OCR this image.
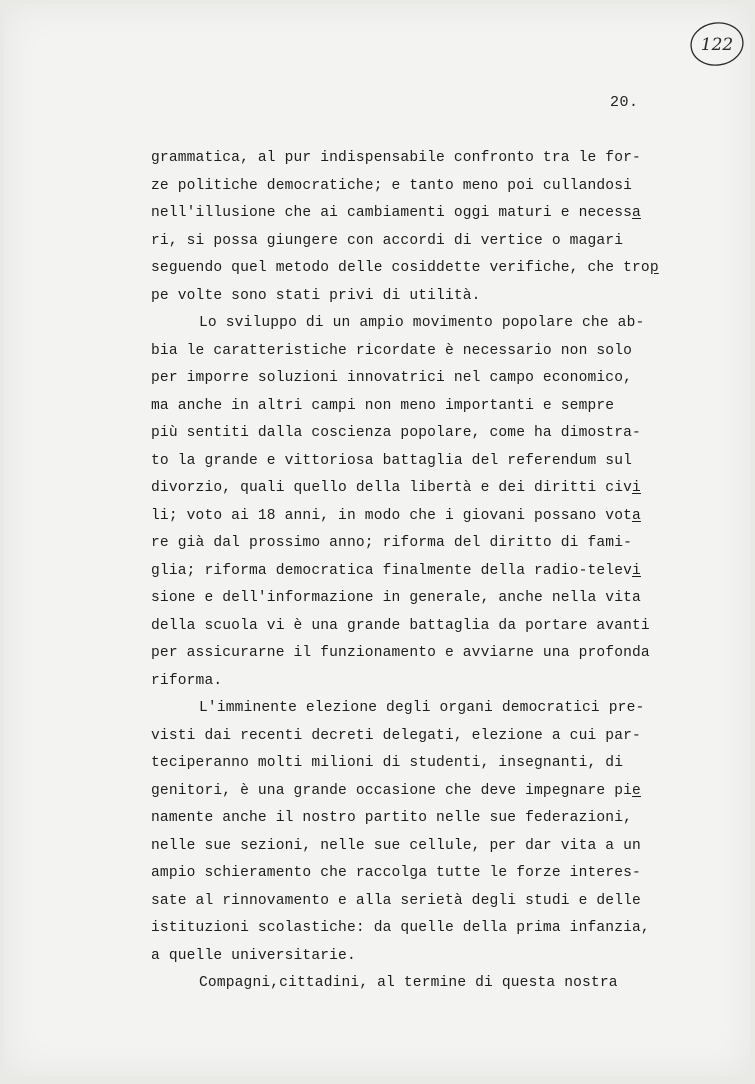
122
20.
grammatica, al pur indispensabile confronto tra le for-
ze politiche democratiche; e tanto meno poi cullandosi
nell'illusione che ai cambiamenti oggi maturi e necessa
ri, si possa giungere con accordi di vertice o magari
seguendo quel metodo delle cosiddette verifiche, che trop
pe volte sono stati privi di utilità.
Lo sviluppo di un ampio movimento popolare che ab-
bia le caratteristiche ricordate è necessario non solo
per imporre soluzioni innovatrici nel campo economico,
ma anche in altri campi non meno importanti e sempre
più sentiti dalla coscienza popolare, come ha dimostra-
to la grande e vittoriosa battaglia del referendum sul
divorzio, quali quello della libertà e dei diritti civi
li; voto ai 18 anni, in modo che i giovani possano vota
re già dal prossimo anno; riforma del diritto di fami-
glia; riforma democratica finalmente della radio-televi
sione e dell'informazione in generale, anche nella vita
della scuola vi è una grande battaglia da portare avanti
per assicurarne il funzionamento e avviarne una profonda
riforma.
L'imminente elezione degli organi democratici pre-
visti dai recenti decreti delegati, elezione a cui par-
teciperanno molti milioni di studenti, insegnanti, di
genitori, è una grande occasione che deve impegnare pie
namente anche il nostro partito nelle sue federazioni,
nelle sue sezioni, nelle sue cellule, per dar vita a un
ampio schieramento che raccolga tutte le forze interes-
sate al rinnovamento e alla serietà degli studi e delle
istituzioni scolastiche: da quelle della prima infanzia,
a quelle universitarie.
Compagni,cittadini, al termine di questa nostra
